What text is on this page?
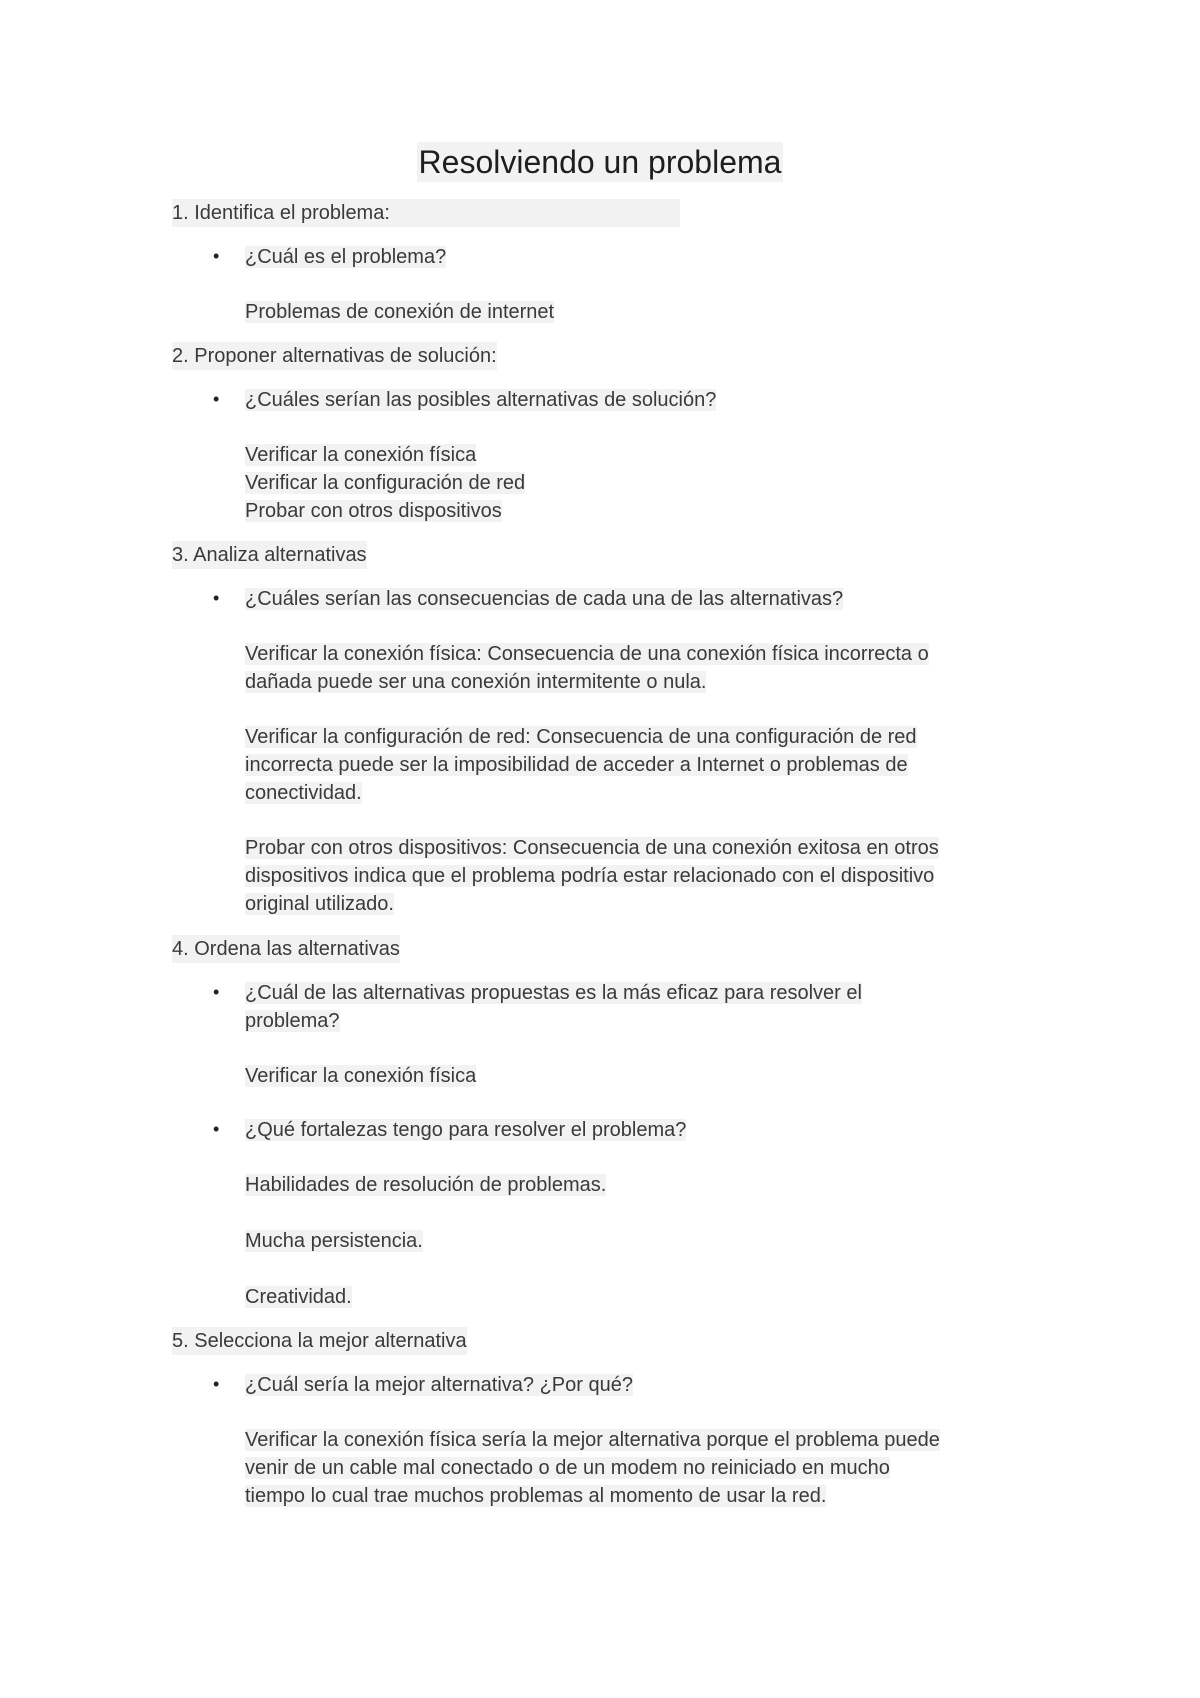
Resolviendo un problema
1. Identifica el problema:
• ¿Cuál es el problema?
Problemas de conexión de internet
2. Proponer alternativas de solución:
• ¿Cuáles serían las posibles alternativas de solución?
Verificar la conexión física
Verificar la configuración de red
Probar con otros dispositivos
3. Analiza alternativas
• ¿Cuáles serían las consecuencias de cada una de las alternativas?
Verificar la conexión física: Consecuencia de una conexión física incorrecta o
dañada puede ser una conexión intermitente o nula.
Verificar la configuración de red: Consecuencia de una configuración de red
incorrecta puede ser la imposibilidad de acceder a Internet o problemas de
conectividad.
Probar con otros dispositivos: Consecuencia de una conexión exitosa en otros
dispositivos indica que el problema podría estar relacionado con el dispositivo
original utilizado.
4. Ordena las alternativas
• ¿Cuál de las alternativas propuestas es la más eficaz para resolver el
problema?
Verificar la conexión física
• ¿Qué fortalezas tengo para resolver el problema?
Habilidades de resolución de problemas.
Mucha persistencia.
Creatividad.
5. Selecciona la mejor alternativa
• ¿Cuál sería la mejor alternativa? ¿Por qué?
Verificar la conexión física sería la mejor alternativa porque el problema puede
venir de un cable mal conectado o de un modem no reiniciado en mucho
tiempo lo cual trae muchos problemas al momento de usar la red.
